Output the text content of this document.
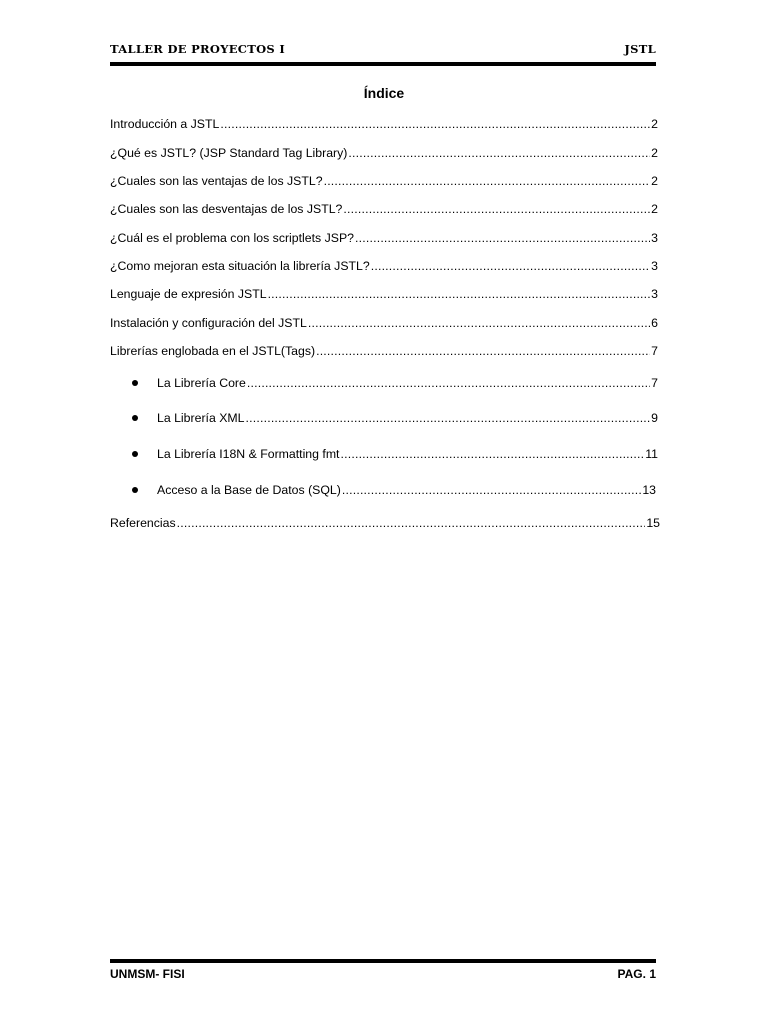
TALLER DE PROYECTOS I	JSTL
Índice
Introducción a JSTL .....	2
¿Qué es JSTL? (JSP Standard Tag Library) .....	2
¿Cuales son las ventajas de los JSTL? .....	2
¿Cuales son las desventajas de los JSTL? .....	2
¿Cuál es el problema con los scriptlets JSP? .....	3
¿Como mejoran esta situación la librería JSTL? .....	3
Lenguaje de expresión JSTL .....	3
Instalación y configuración del JSTL .....	6
Librerías englobada en el JSTL(Tags) .....	7
La Librería Core .....	7
La Librería XML .....	9
La Librería I18N & Formatting fmt .....	11
Acceso a la Base de Datos (SQL) .....	13
Referencias .....	15
UNMSM- FISI	PAG. 1
